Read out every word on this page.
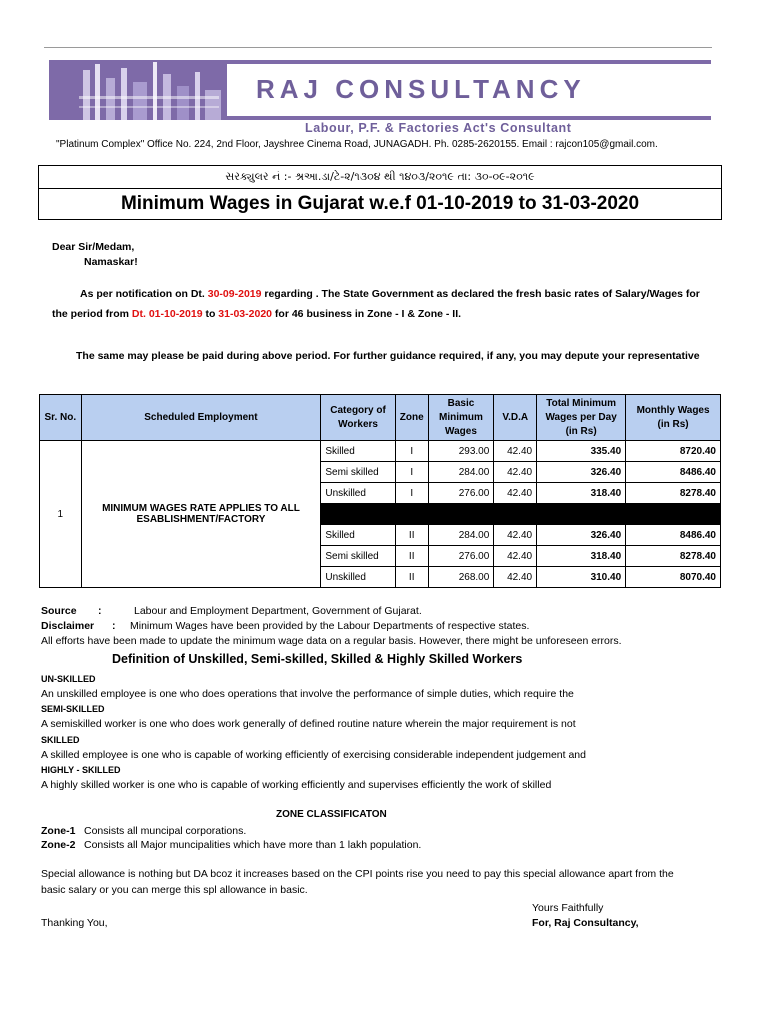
RAJ CONSULTANCY
Labour, P.F. & Factories Act's Consultant
"Platinum Complex" Office No. 224, 2nd Floor, Jayshree Cinema Road, JUNAGADH. Ph. 0285-2620155. Email : rajcon105@gmail.com.
સરક્યુલર નં :- શ્રઆ.ડા/ટે-૨/૧૩૦૪ થી ૧૪૦૩/૨૦૧૯ તા: ૩૦-૦૯-૨૦૧૯
Minimum Wages in Gujarat w.e.f 01-10-2019 to 31-03-2020
Dear Sir/Medam,
Namaskar!
As per notification on Dt. 30-09-2019 regarding . The State Government as declared the fresh basic rates of Salary/Wages for
the period from Dt. 01-10-2019 to 31-03-2020 for 46 business in Zone - I & Zone - II.
The same may please be paid during above period. For further guidance required, if any, you may depute your representative
Sr. No.	Scheduled Employment	Category of Workers	Zone	Basic Minimum Wages	V.D.A	Total Minimum Wages per Day (in Rs)	Monthly Wages (in Rs)
1	MINIMUM WAGES RATE APPLIES TO ALL ESABLISHMENT/FACTORY	Skilled	I	293.00	42.40	335.40	8720.40
		Semi skilled	I	284.00	42.40	326.40	8486.40
		Unskilled	I	276.00	42.40	318.40	8278.40

		Skilled	II	284.00	42.40	326.40	8486.40
		Semi skilled	II	276.00	42.40	318.40	8278.40
		Unskilled	II	268.00	42.40	310.40	8070.40
Source :	Labour and Employment Department, Government of Gujarat.
Disclaimer : Minimum Wages have been provided by the Labour Departments of respective states.
All efforts have been made to update the minimum wage data on a regular basis. However, there might be unforeseen errors.
Definition of Unskilled, Semi-skilled, Skilled & Highly Skilled Workers
UN-SKILLED
An unskilled employee is one who does operations that involve the performance of simple duties, which require the
SEMI-SKILLED
A semiskilled worker is one who does work generally of defined routine nature wherein the major requirement is not
SKILLED
A skilled employee is one who is capable of working efficiently of exercising considerable independent judgement and
HIGHLY - SKILLED
A highly skilled worker is one who is capable of working efficiently and supervises efficiently the work of skilled
ZONE CLASSIFICATON
Zone-1 Consists all muncipal corporations.
Zone-2 Consists all Major muncipalities which have more than 1 lakh population.
Special allowance is nothing but DA bcoz it increases based on the CPI points rise you need to pay this special allowance apart from the
basic salary or you can merge this spl allowance in basic.
Yours Faithfully
Thanking You,	For, Raj Consultancy,
